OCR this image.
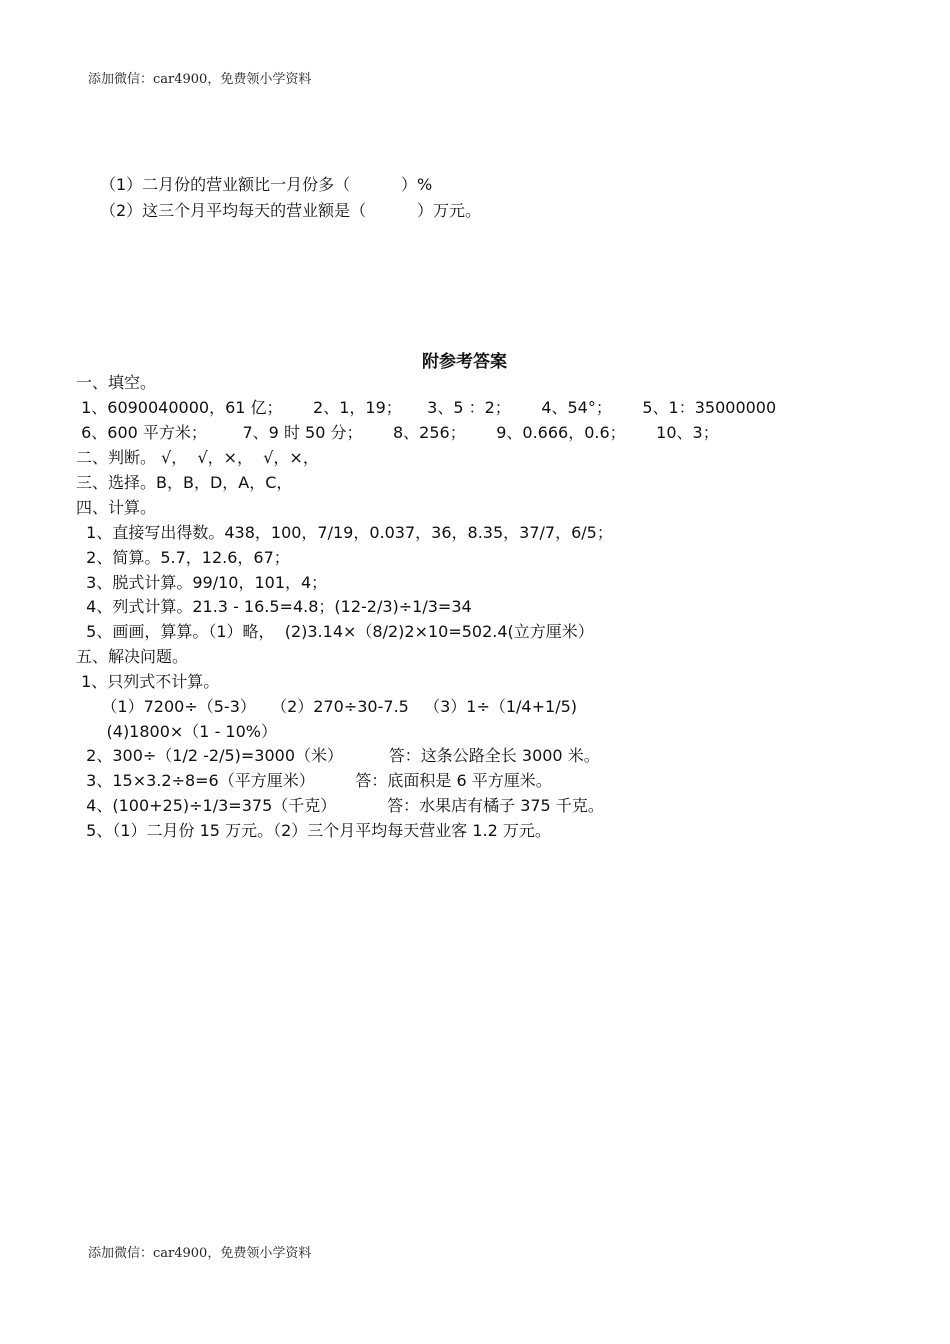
添加微信：car4900，免费领小学资料
（1）二月份的营业额比一月份多（          ）%
（2）这三个月平均每天的营业额是（          ）万元。
附参考答案
一、填空。
1、6090040000，61 亿；      2、1，19；     3、5 ：2；      4、54°；      5、1：35000000
6、600 平方米；       7、9 时 50 分；      8、256；      9、0.666，0.6；      10、3；
二、判断。 √，  √，×，  √，×，
三、选择。B，B，D，A，C，
四、计算。
1、直接写出得数。438，100，7/19，0.037，36，8.35，37/7，6/5；
2、简算。5.7，12.6，67；
3、脱式计算。99/10，101，4；
4、列式计算。21.3 - 16.5=4.8；(12-2/3)÷1/3=34
5、画画，算算。（1）略，  (2)3.14×（8/2)2×10=502.4(立方厘米）
五、解决问题。
1、只列式不计算。
（1）7200÷（5-3）   （2）270÷30-7.5   （3）1÷（1/4+1/5)
(4)1800×（1 - 10%）
2、300÷（1/2 -2/5)=3000（米）         答：这条公路全长 3000 米。
3、15×3.2÷8=6（平方厘米）        答：底面积是 6 平方厘米。
4、(100+25)÷1/3=375（千克）          答：水果店有橘子 375 千克。
5、（1）二月份 15 万元。（2）三个月平均每天营业客 1.2 万元。
添加微信：car4900，免费领小学资料
